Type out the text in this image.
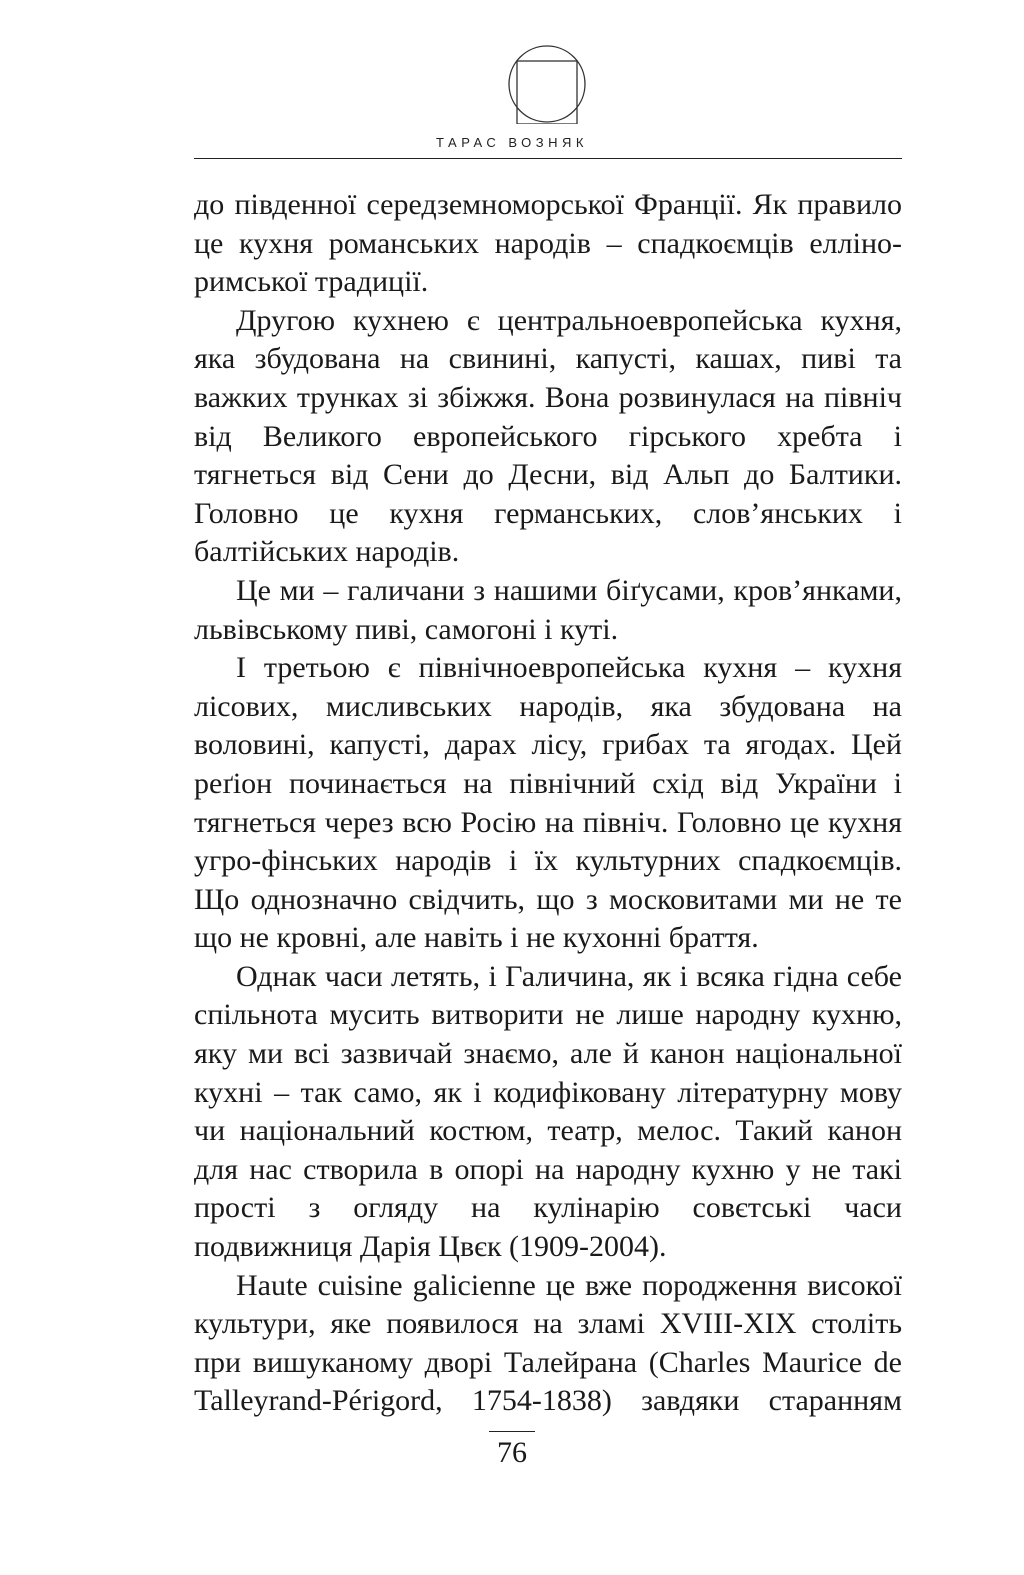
ТАРАС ВОЗНЯК

до південної середземноморської Франції. Як правило це кухня романських народів – спадкоємців елліно-римської традиції.

Другою кухнею є центральноевропейська кухня, яка збудована на свинині, капусті, кашах, пиві та важких трунках зі збіжжя. Вона розвинулася на північ від Великого европейського гірського хребта і тягнеться від Сени до Десни, від Альп до Балтики. Головно це кухня германських, слов’янських і балтійських народів.

Це ми – галичани з нашими біґусами, кров’янками, львівському пиві, самогоні і куті.

І третьою є північноевропейська кухня – кухня лісових, мисливських народів, яка збудована на воловині, капусті, дарах лісу, грибах та ягодах. Цей реґіон починається на північний схід від України і тягнеться через всю Росію на північ. Головно це кухня угро-фінських народів і їх культурних спадкоємців. Що однозначно свідчить, що з московитами ми не те що не кровні, але навіть і не кухонні браття.

Однак часи летять, і Галичина, як і всяка гідна себе спільнота мусить витворити не лише народну кухню, яку ми всі зазвичай знаємо, але й канон національної кухні – так само, як і кодифіковану літературну мову чи національний костюм, театр, мелос. Такий канон для нас створила в опорі на народну кухню у не такі прості з огляду на кулінарію совєтські часи подвижниця Дарія Цвєк (1909-2004).

Haute cuisine galicienne це вже породження високої культури, яке появилося на зламі XVIII-XIX століть при вишуканому дворі Талейрана (Charles Maurice de Talleyrand-Périgord, 1754-1838) завдяки старанням

76
